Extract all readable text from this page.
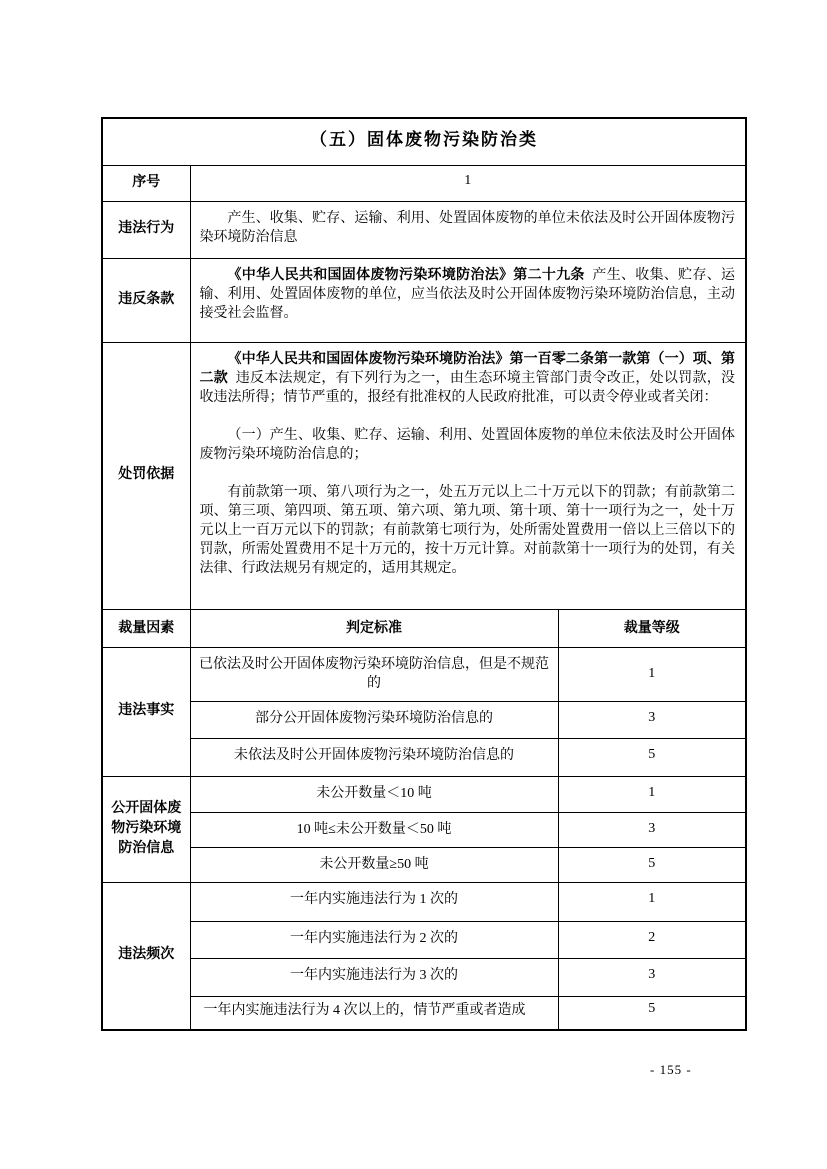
（五）固体废物污染防治类		
序号	1	
违法行为	产生、收集、贮存、运输、利用、处置固体废物的单位未依法及时公开固体废物污染环境防治信息	

违反条款	《中华人民共和国固体废物污染环境防治法》第二十九条 产生、收集、贮存、运输、利用、处置固体废物的单位，应当依法及时公开固体废物污染环境防治信息，主动接受社会监督。	

处罚依据	《中华人民共和国固体废物污染环境防治法》第一百零二条第一款第（一）项、第二款 违反本法规定，有下列行为之一，由生态环境主管部门责令改正，处以罚款，没收违法所得；情节严重的，报经有批准权的人民政府批准，可以责令停业或者关闭：

（一）产生、收集、贮存、运输、利用、处置固体废物的单位未依法及时公开固体废物污染环境防治信息的；

有前款第一项、第八项行为之一，处五万元以上二十万元以下的罚款；有前款第二项、第三项、第四项、第五项、第六项、第九项、第十项、第十一项行为之一，处十万元以上一百万元以下的罚款；有前款第七项行为，处所需处置费用一倍以上三倍以下的罚款，所需处置费用不足十万元的，按十万元计算。对前款第十一项行为的处罚，有关法律、行政法规另有规定的，适用其规定。	

裁量因素	判定标准	裁量等级
违法事实	已依法及时公开固体废物污染环境防治信息，但是不规范的	1
	部分公开固体废物污染环境防治信息的	3
	未依法及时公开固体废物污染环境防治信息的	5
公开固体废物污染环境防治信息	未公开数量＜10 吨	1
	10 吨≤未公开数量＜50 吨	3
	未公开数量≥50 吨	5
违法频次	一年内实施违法行为 1 次的	1
	一年内实施违法行为 2 次的	2
	一年内实施违法行为 3 次的	3
	一年内实施违法行为 4 次以上的，情节严重或者造成	5
- 155 -
